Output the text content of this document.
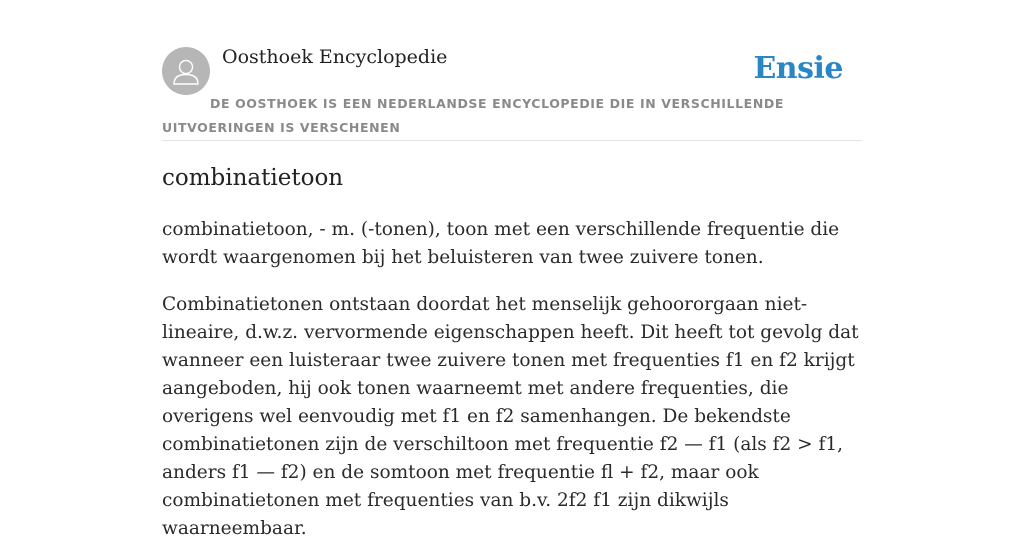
Oosthoek Encyclopedie	Ensie
DE OOSTHOEK IS EEN NEDERLANDSE ENCYCLOPEDIE DIE IN VERSCHILLENDE UITVOERINGEN IS VERSCHENEN
combinatietoon

combinatietoon, - m. (-tonen), toon met een verschillende frequentie die wordt waargenomen bij het beluisteren van twee zuivere tonen.

Combinatietonen ontstaan doordat het menselijk gehoororgaan niet-lineaire, d.w.z. vervormende eigenschappen heeft. Dit heeft tot gevolg dat wanneer een luisteraar twee zuivere tonen met frequenties f1 en f2 krijgt aangeboden, hij ook tonen waarneemt met andere frequenties, die overigens wel eenvoudig met f1 en f2 samenhangen. De bekendste combinatietonen zijn de verschiltoon met frequentie f2 — f1 (als f2 > f1, anders f1 — f2) en de somtoon met frequentie fl + f2, maar ook combinatietonen met frequenties van b.v. 2f2 f1 zijn dikwijls waarneembaar.
